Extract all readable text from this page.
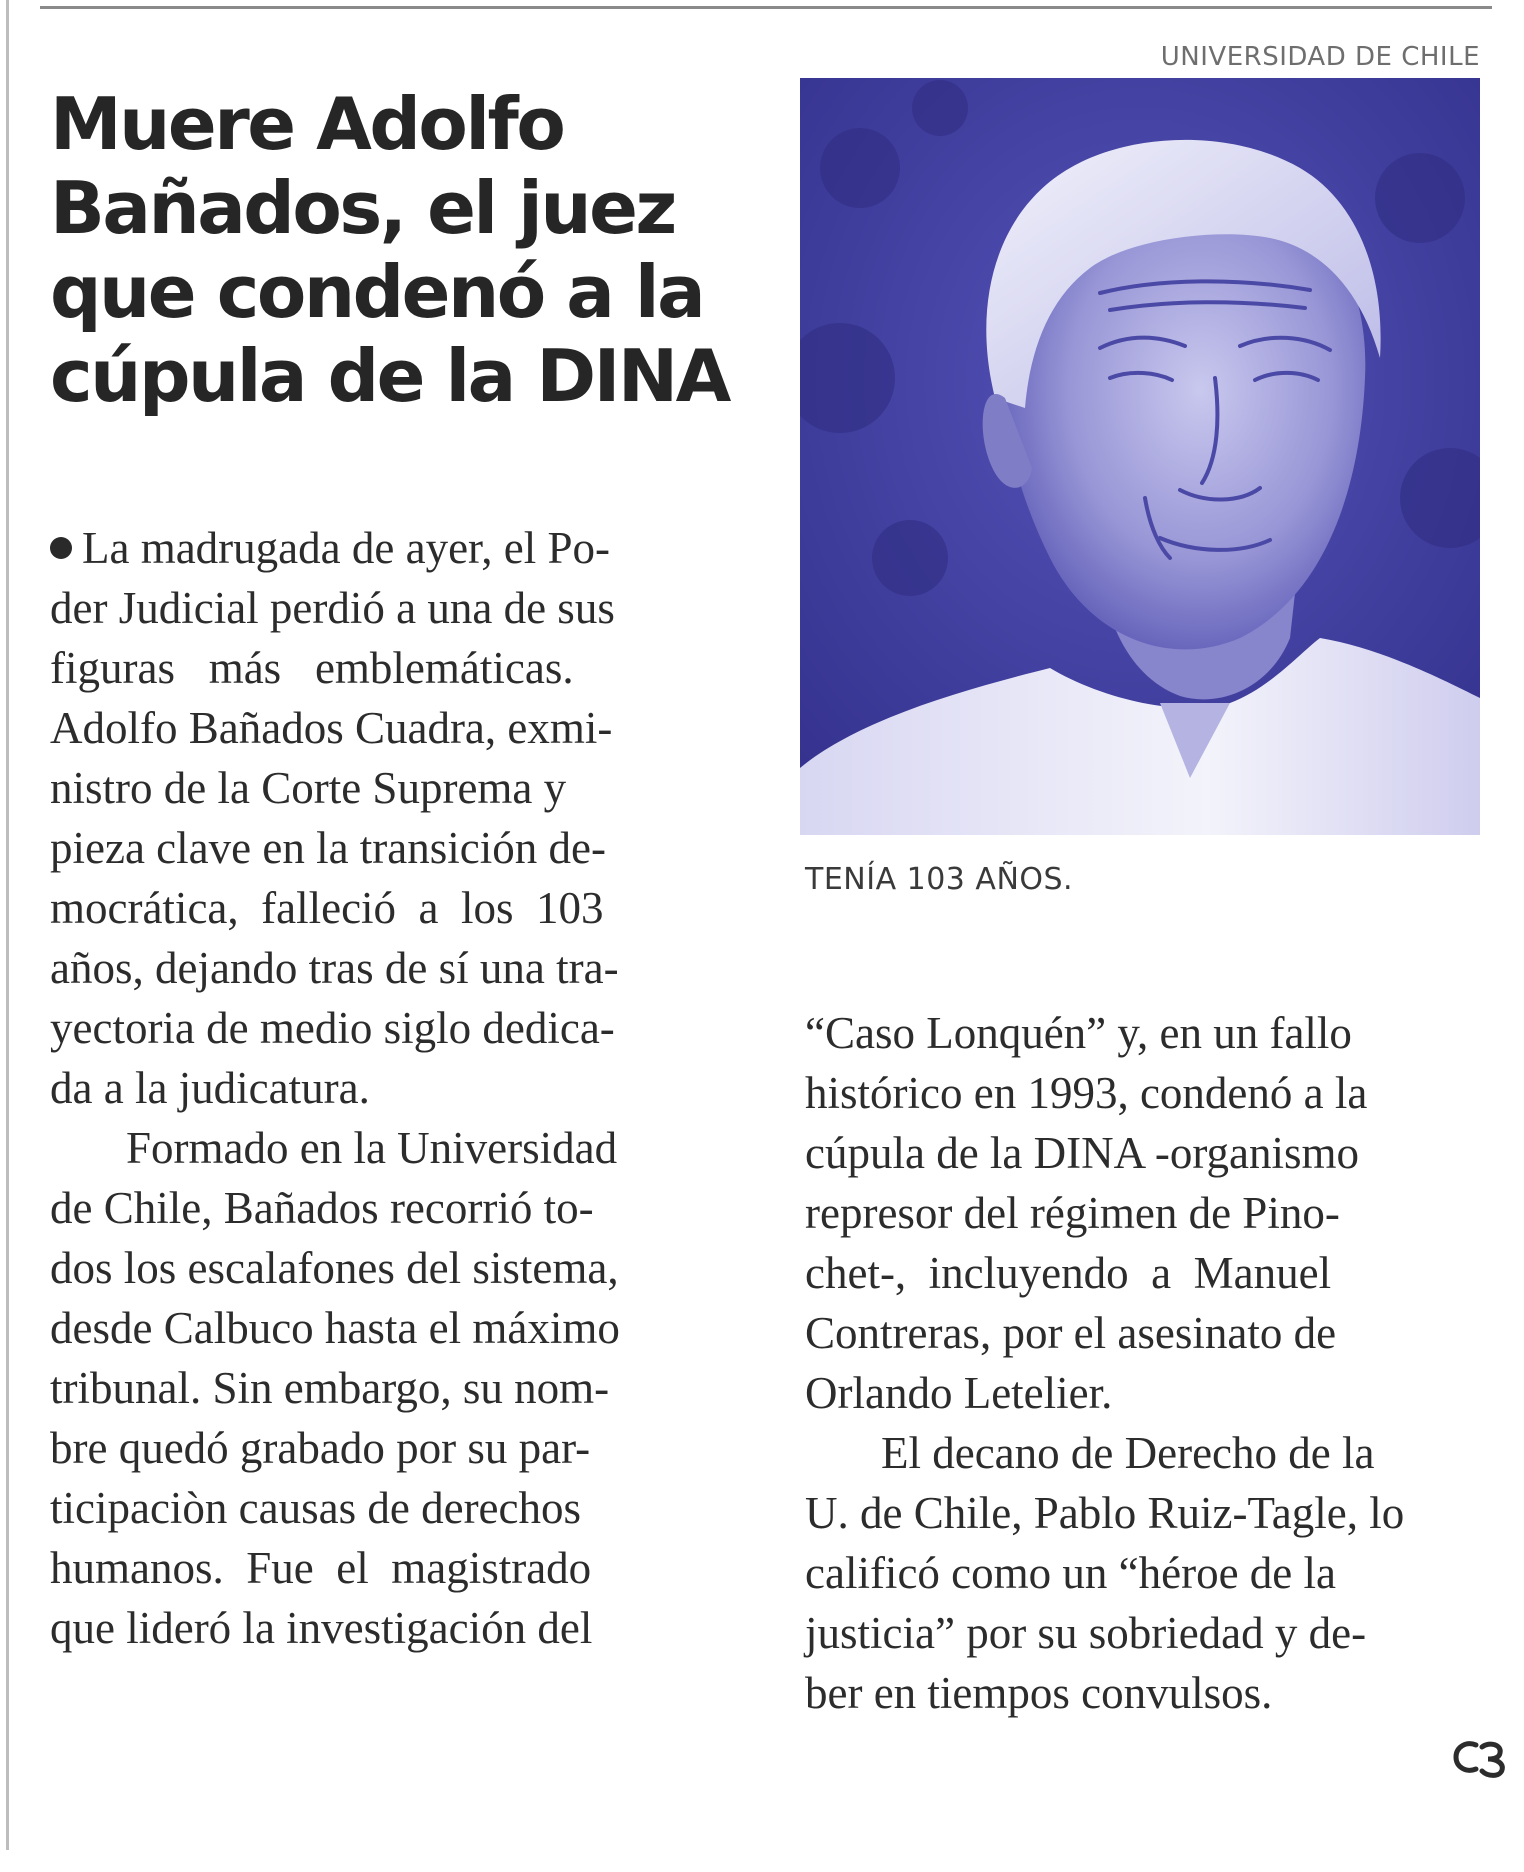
Muere Adolfo
Bañados, el juez
que condenó a la
cúpula de la DINA
UNIVERSIDAD DE CHILE

TENÍA 103 AÑOS.

La madrugada de ayer, el Po-
der Judicial perdió a una de sus
figuras   más   emblemáticas.
Adolfo Bañados Cuadra, exmi-
nistro de la Corte Suprema y
pieza clave en la transición de-
mocrática,  falleció  a  los  103
años, dejando tras de sí una tra-
yectoria de medio siglo dedica-
da a la judicatura.
Formado en la Universidad
de Chile, Bañados recorrió to-
dos los escalafones del sistema,
desde Calbuco hasta el máximo
tribunal. Sin embargo, su nom-
bre quedó grabado por su par-
ticipaciòn causas de derechos
humanos.  Fue  el  magistrado
que lideró la investigación del

“Caso Lonquén” y, en un fallo
histórico en 1993, condenó a la
cúpula de la DINA -organismo
represor del régimen de Pino-
chet-,  incluyendo  a  Manuel
Contreras, por el asesinato de
Orlando Letelier.
El decano de Derecho de la
U. de Chile, Pablo Ruiz-Tagle, lo
calificó como un “héroe de la
justicia” por su sobriedad y de-
ber en tiempos convulsos.
